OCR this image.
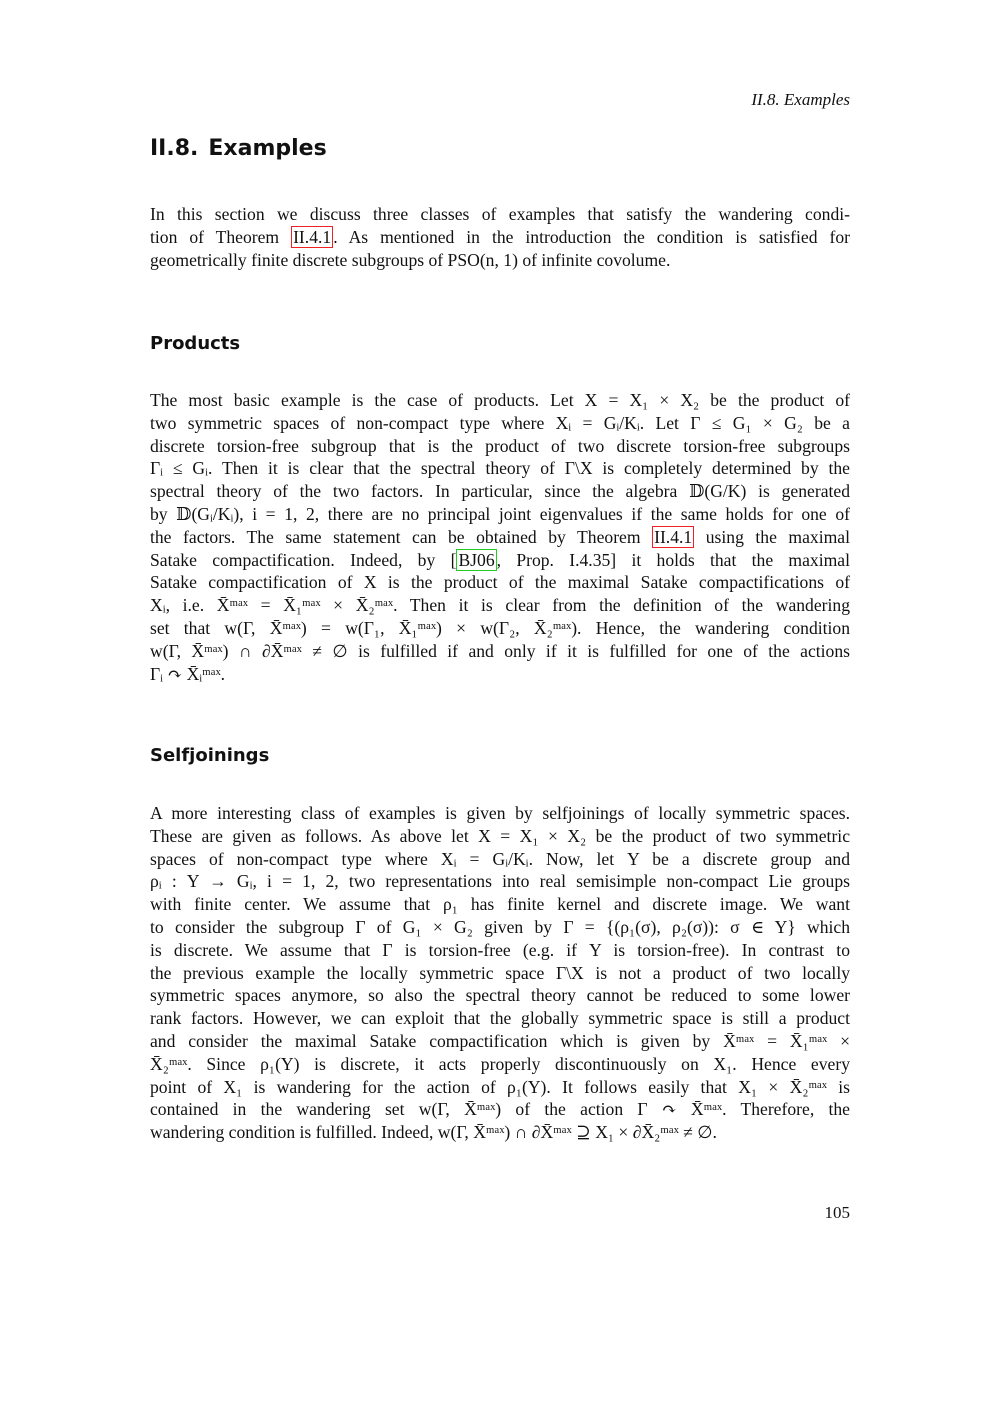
II.8. Examples
II.8. Examples

In this section we discuss three classes of examples that satisfy the wandering condi-
tion of Theorem II.4.1 . As mentioned in the introduction the condition is satisfied for
geometrically finite discrete subgroups of PSO(n, 1) of infinite covolume.

Products

The most basic example is the case of products. Let X = X₁ × X₂ be the product of
two symmetric spaces of non-compact type where Xᵢ = Gᵢ/Kᵢ. Let Γ ≤ G₁ × G₂ be a
discrete torsion-free subgroup that is the product of two discrete torsion-free subgroups
Γᵢ ≤ Gᵢ. Then it is clear that the spectral theory of Γ\X is completely determined by the
spectral theory of the two factors. In particular, since the algebra 𝔻(G/K) is generated
by 𝔻(Gᵢ/Kᵢ), i = 1, 2, there are no principal joint eigenvalues if the same holds for one of
the factors. The same statement can be obtained by Theorem II.4.1 using the maximal
Satake compactification. Indeed, by [ BJ06 , Prop. I.4.35] it holds that the maximal
Satake compactification of X is the product of the maximal Satake compactifications of
Xᵢ, i.e. X̄ᵐᵃˣ = X̄₁ᵐᵃˣ × X̄₂ᵐᵃˣ. Then it is clear from the definition of the wandering
set that w(Γ, X̄ᵐᵃˣ) = w(Γ₁, X̄₁ᵐᵃˣ) × w(Γ₂, X̄₂ᵐᵃˣ). Hence, the wandering condition
w(Γ, X̄ᵐᵃˣ) ∩ ∂X̄ᵐᵃˣ ≠ ∅ is fulfilled if and only if it is fulfilled for one of the actions
Γᵢ ↷ X̄ᵢᵐᵃˣ.

Selfjoinings

A more interesting class of examples is given by selfjoinings of locally symmetric spaces.
These are given as follows. As above let X = X₁ × X₂ be the product of two symmetric
spaces of non-compact type where Xᵢ = Gᵢ/Kᵢ. Now, let Υ be a discrete group and
ρᵢ : Υ → Gᵢ, i = 1, 2, two representations into real semisimple non-compact Lie groups
with finite center. We assume that ρ₁ has finite kernel and discrete image. We want
to consider the subgroup Γ of G₁ × G₂ given by Γ = {(ρ₁(σ), ρ₂(σ)): σ ∈ Υ} which
is discrete. We assume that Γ is torsion-free (e.g. if Υ is torsion-free). In contrast to
the previous example the locally symmetric space Γ\X is not a product of two locally
symmetric spaces anymore, so also the spectral theory cannot be reduced to some lower
rank factors. However, we can exploit that the globally symmetric space is still a product
and consider the maximal Satake compactification which is given by X̄ᵐᵃˣ = X̄₁ᵐᵃˣ ×
X̄₂ᵐᵃˣ. Since ρ₁(Υ) is discrete, it acts properly discontinuously on X₁. Hence every
point of X₁ is wandering for the action of ρ₁(Υ). It follows easily that X₁ × X̄₂ᵐᵃˣ is
contained in the wandering set w(Γ, X̄ᵐᵃˣ) of the action Γ ↷ X̄ᵐᵃˣ. Therefore, the
wandering condition is fulfilled. Indeed, w(Γ, X̄ᵐᵃˣ) ∩ ∂X̄ᵐᵃˣ ⊇ X₁ × ∂X̄₂ᵐᵃˣ ≠ ∅.

105
